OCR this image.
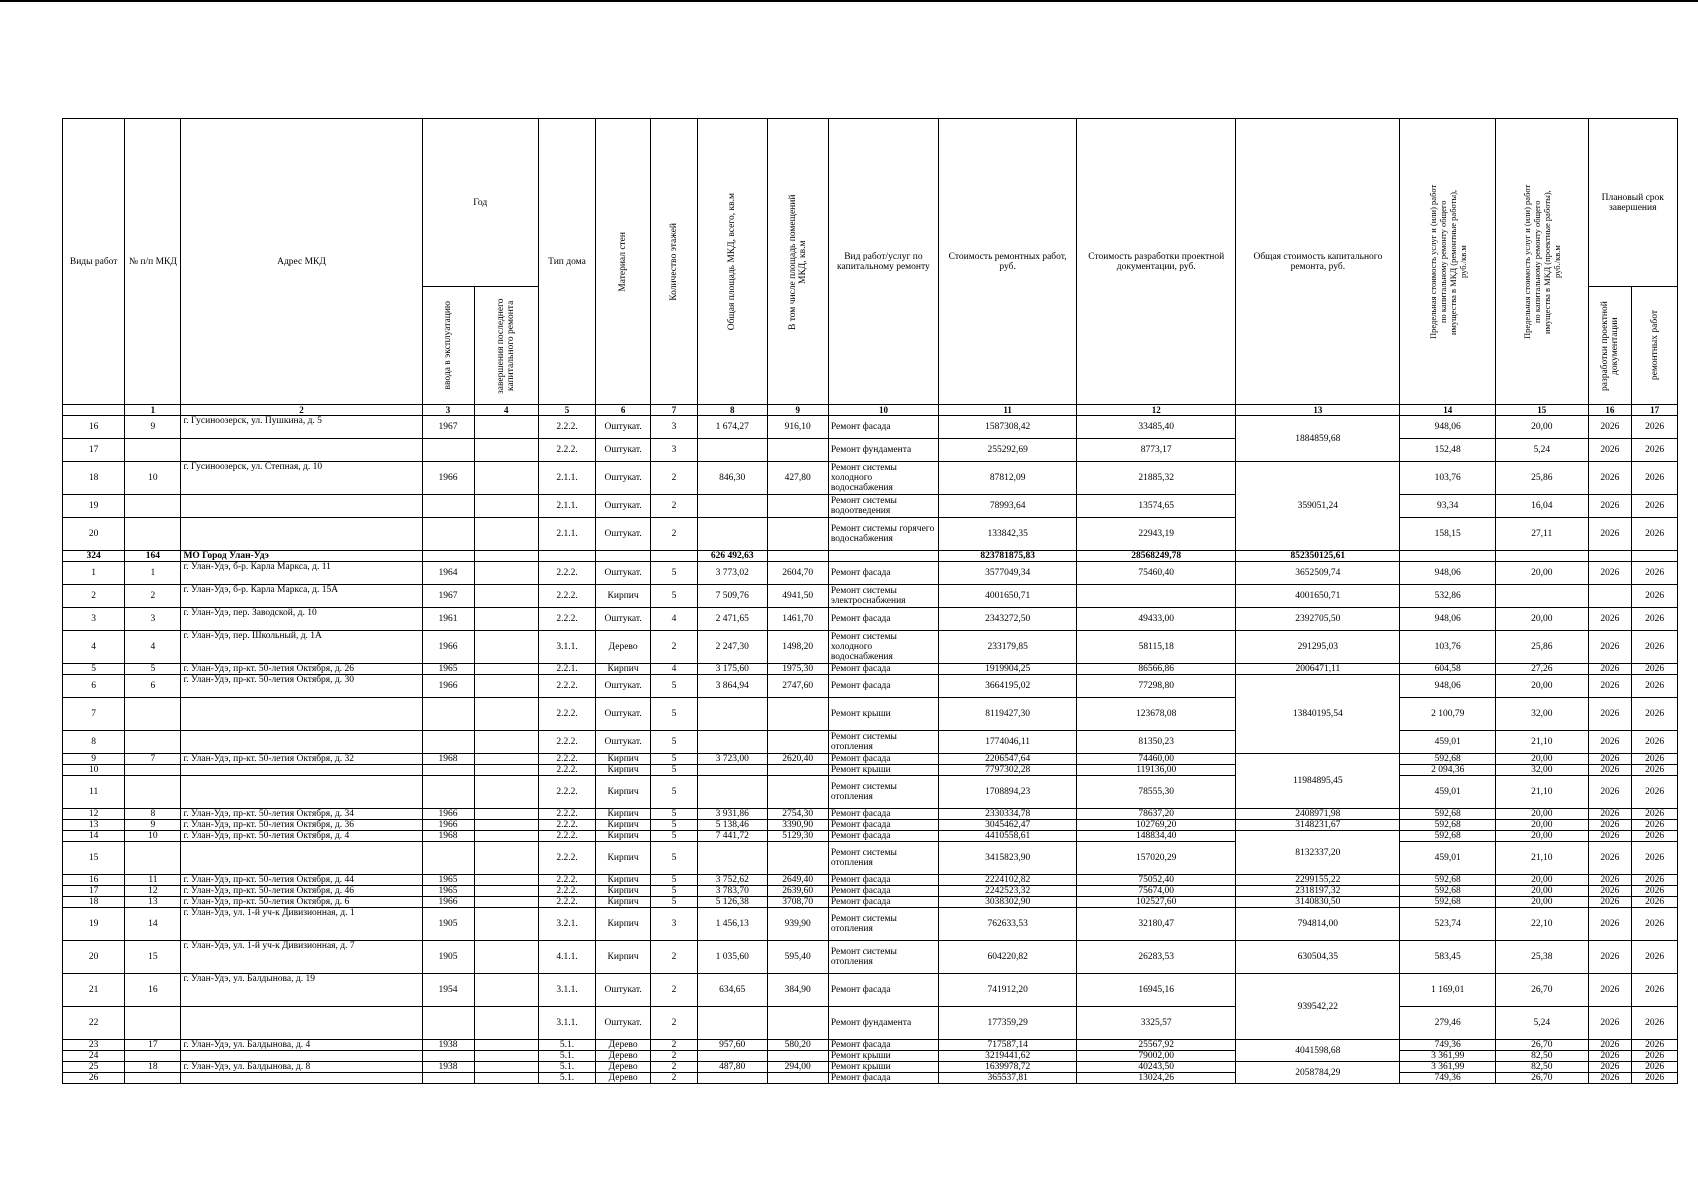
Виды работ	№ п/п МКД	Адрес МКД	Год		Тип дома	Материал стен	Количество этажей	Общая площадь МКД, всего, кв.м	В том числе площадь помещений МКД, кв.м	Вид работ/услуг по капитальному ремонту	Стоимость ремонтных работ, руб.	Стоимость разработки проектной документации, руб.	Общая стоимость капитального ремонта, руб.	Предельная стоимость услуг и (или) работ по капитальному ремонту общего имущества в МКД (ремонтные работы), руб./кв.м	Предельная стоимость услуг и (или) работ по капитальному ремонту общего имущества в МКД (проектные работы), руб./кв.м	Плановый срок завершения	

			ввода в эксплуатацию	завершения последнего капитального ремонта												разработки проектной документации	ремонтных работ

	1	2	3	4	5	6	7	8	9	10	11	12	13	14	15	16	17
16	9	г. Гусиноозерск, ул. Пушкина, д. 5	1967		2.2.2.	Оштукат.	3	1 674,27	916,10	Ремонт фасада	1587308,42	33485,40	1884859,68	948,06	20,00	2026	2026
17					2.2.2.	Оштукат.	3			Ремонт фундамента	255292,69	8773,17		152,48	5,24	2026	2026
18	10	г. Гусиноозерск, ул. Степная, д. 10	1966		2.1.1.	Оштукат.	2	846,30	427,80	Ремонт системы холодного водоснабжения	87812,09	21885,32	359051,24	103,76	25,86	2026	2026
19					2.1.1.	Оштукат.	2			Ремонт системы водоотведения	78993,64	13574,65		93,34	16,04	2026	2026
20					2.1.1.	Оштукат.	2			Ремонт системы горячего водоснабжения	133842,35	22943,19		158,15	27,11	2026	2026
324	164	МО Город Улан-Удэ						626 492,63			823781875,83	28568249,78	852350125,61				
1	1	г. Улан-Удэ, б-р. Карла Маркса, д. 11	1964		2.2.2.	Оштукат.	5	3 773,02	2604,70	Ремонт фасада	3577049,34	75460,40	3652509,74	948,06	20,00	2026	2026
2	2	г. Улан-Удэ, б-р. Карла Маркса, д. 15А	1967		2.2.2.	Кирпич	5	7 509,76	4941,50	Ремонт системы электроснабжения	4001650,71		4001650,71	532,86			2026
3	3	г. Улан-Удэ, пер. Заводской, д. 10	1961		2.2.2.	Оштукат.	4	2 471,65	1461,70	Ремонт фасада	2343272,50	49433,00	2392705,50	948,06	20,00	2026	2026
4	4	г. Улан-Удэ, пер. Школьный, д. 1А	1966		3.1.1.	Дерево	2	2 247,30	1498,20	Ремонт системы холодного водоснабжения	233179,85	58115,18	291295,03	103,76	25,86	2026	2026
5	5	г. Улан-Удэ, пр-кт. 50-летия Октября, д. 26	1965		2.2.1.	Кирпич	4	3 175,60	1975,30	Ремонт фасада	1919904,25	86566,86	2006471,11	604,58	27,26	2026	2026
6	6	г. Улан-Удэ, пр-кт. 50-летия Октября, д. 30	1966		2.2.2.	Оштукат.	5	3 864,94	2747,60	Ремонт фасада	3664195,02	77298,80	13840195,54	948,06	20,00	2026	2026
7					2.2.2.	Оштукат.	5			Ремонт крыши	8119427,30	123678,08		2 100,79	32,00	2026	2026
8					2.2.2.	Оштукат.	5			Ремонт системы отопления	1774046,11	81350,23		459,01	21,10	2026	2026
9	7	г. Улан-Удэ, пр-кт. 50-летия Октября, д. 32	1968		2.2.2.	Кирпич	5	3 723,00	2620,40	Ремонт фасада	2206547,64	74460,00	11984895,45	592,68	20,00	2026	2026
10					2.2.2.	Кирпич	5			Ремонт крыши	7797302,28	119136,00		2 094,36	32,00	2026	2026
11					2.2.2.	Кирпич	5			Ремонт системы отопления	1708894,23	78555,30		459,01	21,10	2026	2026
12	8	г. Улан-Удэ, пр-кт. 50-летия Октября, д. 34	1966		2.2.2.	Кирпич	5	3 931,86	2754,30	Ремонт фасада	2330334,78	78637,20	2408971,98	592,68	20,00	2026	2026
13	9	г. Улан-Удэ, пр-кт. 50-летия Октября, д. 36	1966		2.2.2.	Кирпич	5	5 138,46	3390,90	Ремонт фасада	3045462,47	102769,20	3148231,67	592,68	20,00	2026	2026
14	10	г. Улан-Удэ, пр-кт. 50-летия Октября, д. 4	1968		2.2.2.	Кирпич	5	7 441,72	5129,30	Ремонт фасада	4410558,61	148834,40	8132337,20	592,68	20,00	2026	2026
15					2.2.2.	Кирпич	5			Ремонт системы отопления	3415823,90	157020,29		459,01	21,10	2026	2026
16	11	г. Улан-Удэ, пр-кт. 50-летия Октября, д. 44	1965		2.2.2.	Кирпич	5	3 752,62	2649,40	Ремонт фасада	2224102,82	75052,40	2299155,22	592,68	20,00	2026	2026
17	12	г. Улан-Удэ, пр-кт. 50-летия Октября, д. 46	1965		2.2.2.	Кирпич	5	3 783,70	2639,60	Ремонт фасада	2242523,32	75674,00	2318197,32	592,68	20,00	2026	2026
18	13	г. Улан-Удэ, пр-кт. 50-летия Октября, д. 6	1966		2.2.2.	Кирпич	5	5 126,38	3708,70	Ремонт фасада	3038302,90	102527,60	3140830,50	592,68	20,00	2026	2026
19	14	г. Улан-Удэ, ул. 1-й уч-к Дивизионная, д. 1	1905		3.2.1.	Кирпич	3	1 456,13	939,90	Ремонт системы отопления	762633,53	32180,47	794814,00	523,74	22,10	2026	2026
20	15	г. Улан-Удэ, ул. 1-й уч-к Дивизионная, д. 7	1905		4.1.1.	Кирпич	2	1 035,60	595,40	Ремонт системы отопления	604220,82	26283,53	630504,35	583,45	25,38	2026	2026
21	16	г. Улан-Удэ, ул. Балдынова, д. 19	1954		3.1.1.	Оштукат.	2	634,65	384,90	Ремонт фасада	741912,20	16945,16	939542,22	1 169,01	26,70	2026	2026
22					3.1.1.	Оштукат.	2			Ремонт фундамента	177359,29	3325,57		279,46	5,24	2026	2026
23	17	г. Улан-Удэ, ул. Балдынова, д. 4	1938		5.1.	Дерево	2	957,60	580,20	Ремонт фасада	717587,14	25567,92	4041598,68	749,36	26,70	2026	2026
24					5.1.	Дерево	2			Ремонт крыши	3219441,62	79002,00		3 361,99	82,50	2026	2026
25	18	г. Улан-Удэ, ул. Балдынова, д. 8	1938		5.1.	Дерево	2	487,80	294,00	Ремонт крыши	1639978,72	40243,50	2058784,29	3 361,99	82,50	2026	2026
26					5.1.	Дерево	2			Ремонт фасада	365537,81	13024,26		749,36	26,70	2026	2026
